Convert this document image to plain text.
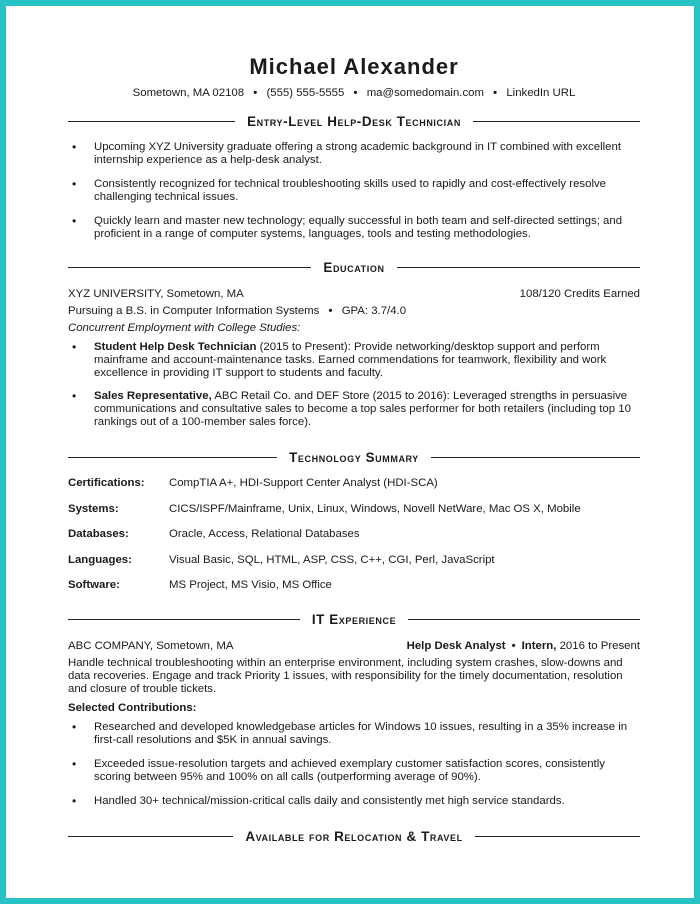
Michael Alexander
Sometown, MA 02108 • (555) 555-5555 • ma@somedomain.com • LinkedIn URL
Entry-Level Help-Desk Technician
• Upcoming XYZ University graduate offering a strong academic background in IT combined with excellent internship experience as a help-desk analyst.
• Consistently recognized for technical troubleshooting skills used to rapidly and cost-effectively resolve challenging technical issues.
• Quickly learn and master new technology; equally successful in both team and self-directed settings; and proficient in a range of computer systems, languages, tools and testing methodologies.
Education
XYZ UNIVERSITY, Sometown, MA	108/120 Credits Earned
Pursuing a B.S. in Computer Information Systems • GPA: 3.7/4.0
Concurrent Employment with College Studies:
• Student Help Desk Technician (2015 to Present): Provide networking/desktop support and perform mainframe and account-maintenance tasks. Earned commendations for teamwork, flexibility and work excellence in providing IT support to students and faculty.
• Sales Representative, ABC Retail Co. and DEF Store (2015 to 2016): Leveraged strengths in persuasive communications and consultative sales to become a top sales performer for both retailers (including top 10 rankings out of a 100-member sales force).
Technology Summary
Certifications: CompTIA A+, HDI-Support Center Analyst (HDI-SCA)
Systems:	CICS/ISPF/Mainframe, Unix, Linux, Windows, Novell NetWare, Mac OS X, Mobile
Databases:	Oracle, Access, Relational Databases
Languages:	Visual Basic, SQL, HTML, ASP, CSS, C++, CGI, Perl, JavaScript
Software:	MS Project, MS Visio, MS Office
IT Experience
ABC COMPANY, Sometown, MA	Help Desk Analyst • Intern, 2016 to Present
Handle technical troubleshooting within an enterprise environment, including system crashes, slow-downs and data recoveries. Engage and track Priority 1 issues, with responsibility for the timely documentation, resolution and closure of trouble tickets.
Selected Contributions:
• Researched and developed knowledgebase articles for Windows 10 issues, resulting in a 35% increase in first-call resolutions and $5K in annual savings.
• Exceeded issue-resolution targets and achieved exemplary customer satisfaction scores, consistently scoring between 95% and 100% on all calls (outperforming average of 90%).
• Handled 30+ technical/mission-critical calls daily and consistently met high service standards.
Available for Relocation & Travel
